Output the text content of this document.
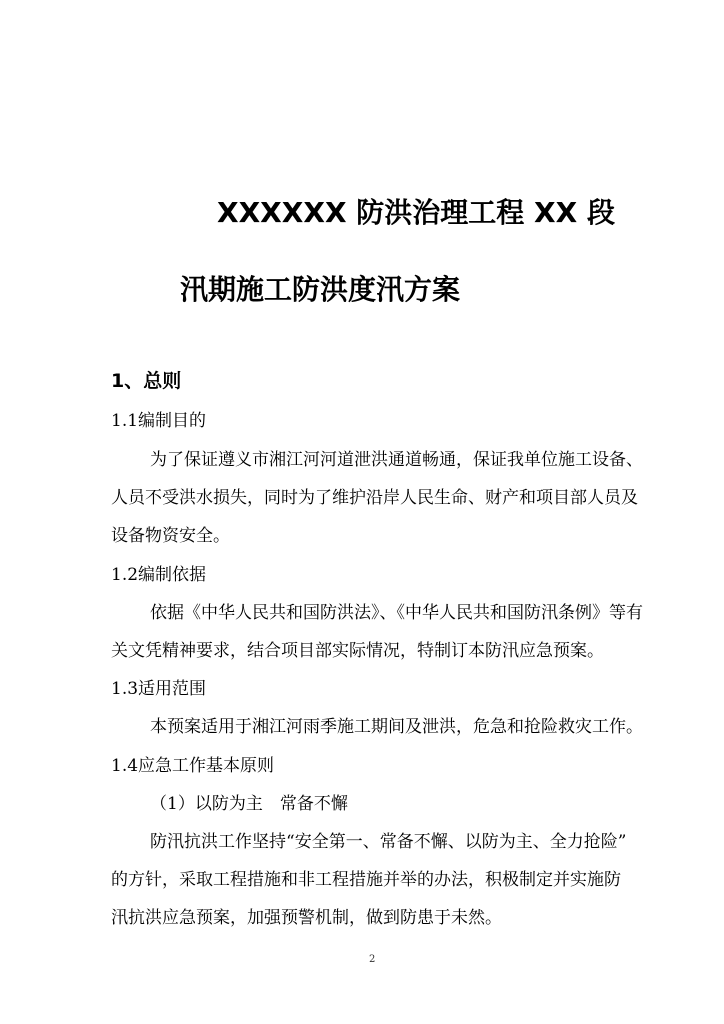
XXXXXX 防洪治理工程 XX 段
汛期施工防洪度汛方案
1、总则
1.1编制目的
为了保证遵义市湘江河河道泄洪通道畅通，保证我单位施工设备、
人员不受洪水损失，同时为了维护沿岸人民生命、财产和项目部人员及
设备物资安全。
1.2编制依据
依据《中华人民共和国防洪法》、《中华人民共和国防汛条例》等有
关文凭精神要求，结合项目部实际情况，特制订本防汛应急预案。
1.3适用范围
本预案适用于湘江河雨季施工期间及泄洪，危急和抢险救灾工作。
1.4应急工作基本原则
（1）以防为主　常备不懈
防汛抗洪工作坚持“安全第一、常备不懈、以防为主、全力抢险”
的方针，采取工程措施和非工程措施并举的办法，积极制定并实施防
汛抗洪应急预案，加强预警机制，做到防患于未然。
2
